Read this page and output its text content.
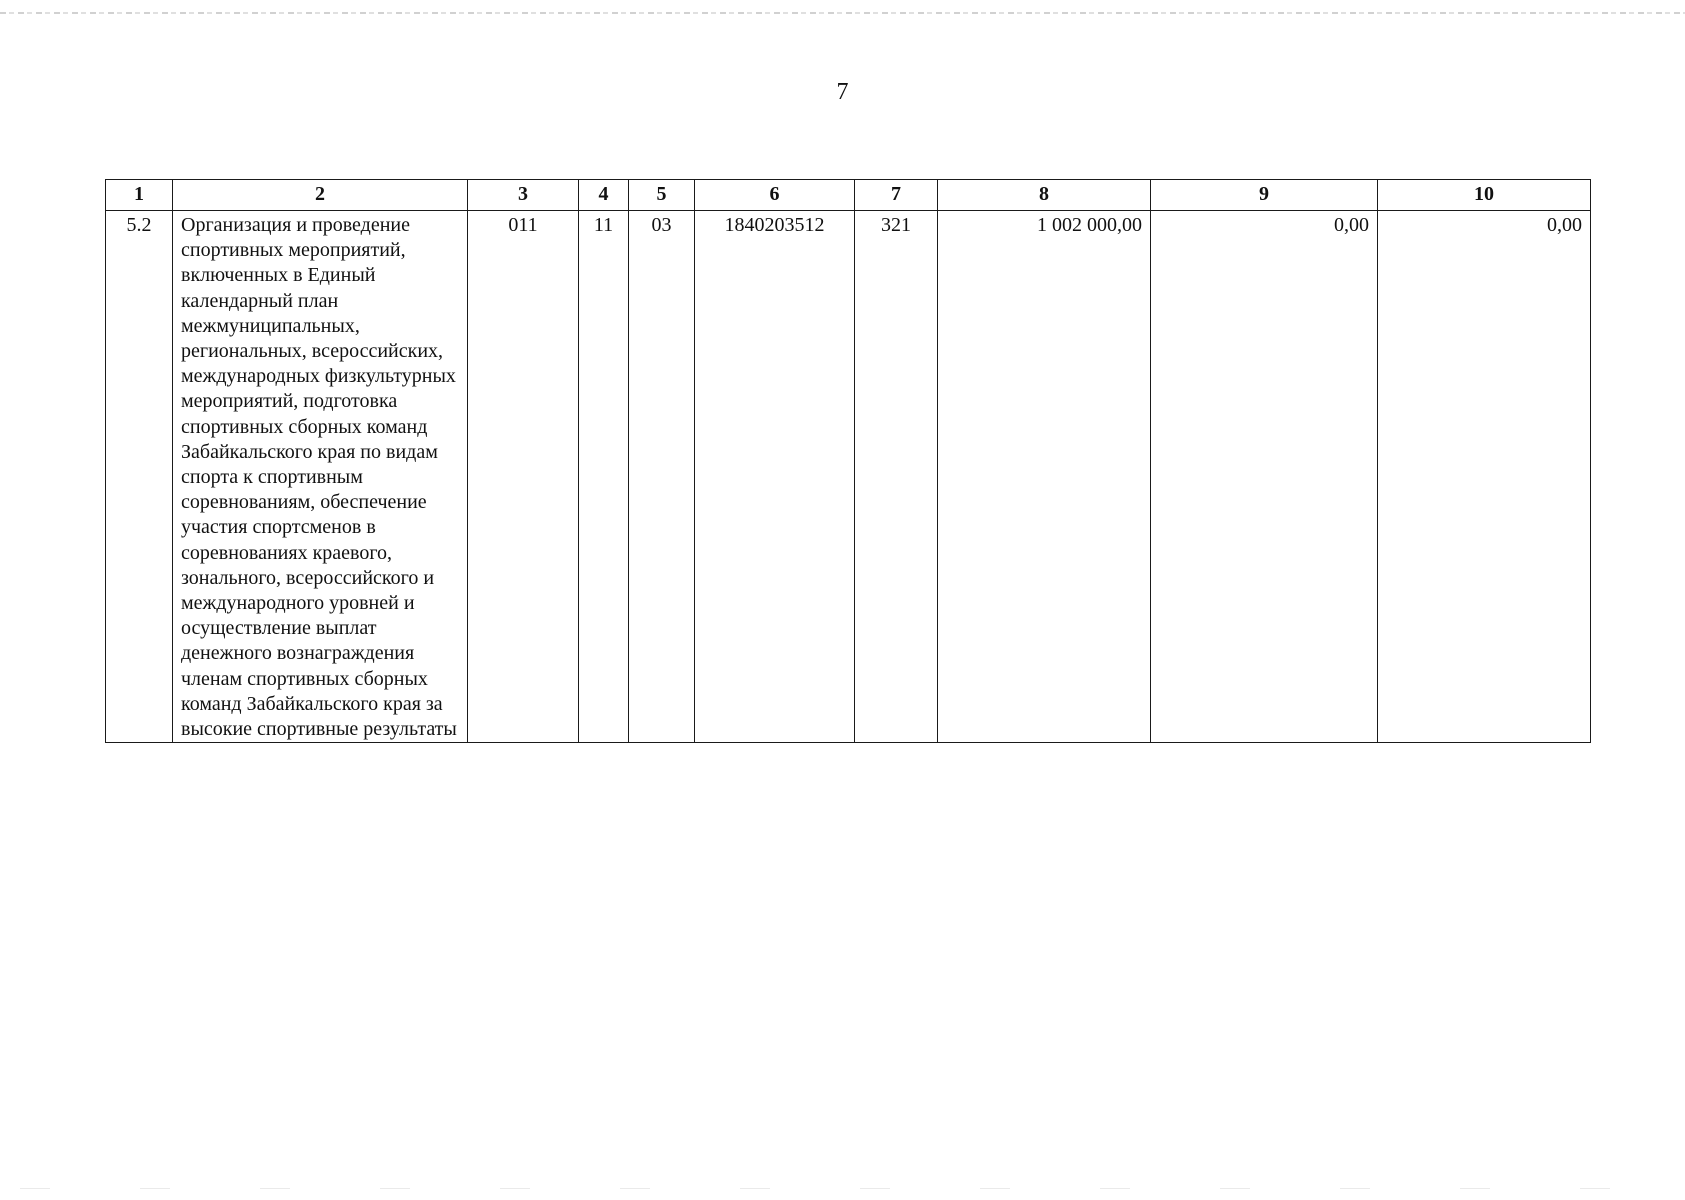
7
1	2	3	4	5	6	7	8	9	10
5.2	Организация и проведение спортивных мероприятий, включенных в Единый календарный план межмуниципальных, региональных, всероссийских, международных физкультурных мероприятий, подготовка спортивных сборных команд Забайкальского края по видам спорта к спортивным соревнованиям, обеспечение участия спортсменов в соревнованиях краевого, зонального, всероссийского и международного уровней и осуществление выплат денежного вознаграждения членам спортивных сборных команд Забайкальского края за высокие спортивные результаты	011	11	03	1840203512	321	1 002 000,00	0,00	0,00
